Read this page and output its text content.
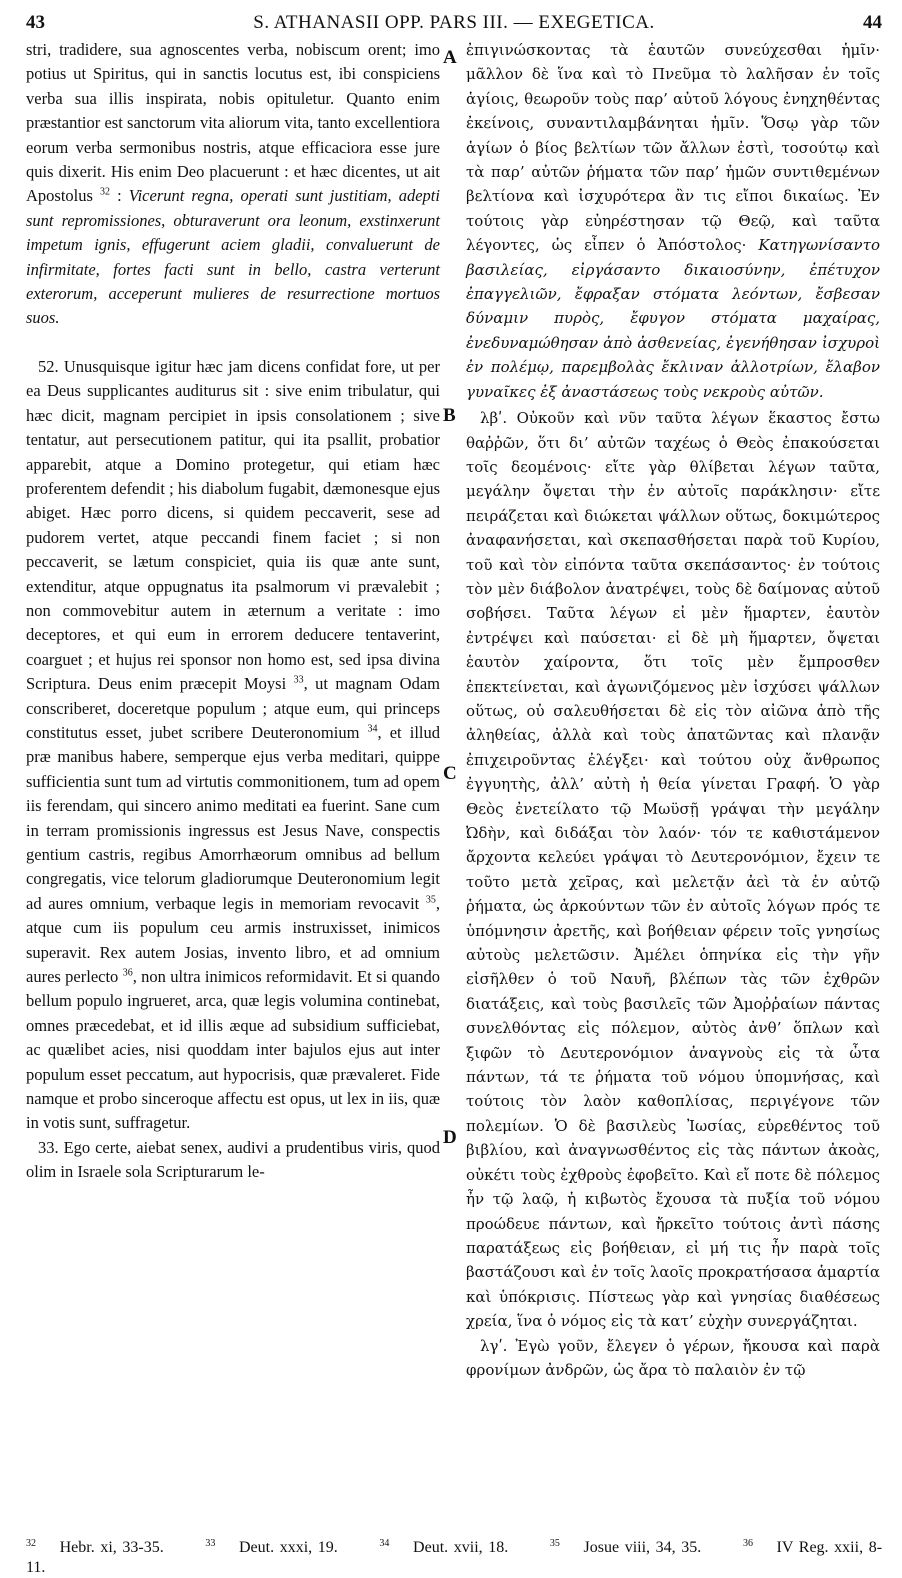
43	S. ATHANASII OPP. PARS III. — EXEGETICA.	44

stri, tradidere, sua agnoscentes verba, nobiscum orent; imo potius ut Spiritus, qui in sanctis locutus est, ibi conspiciens verba sua illis inspirata, nobis opituletur. Quanto enim præstantior est sanctorum vita aliorum vita, tanto excellentiora eorum verba sermonibus nostris, atque efficaciora esse jure quis dixerit. His enim Deo placuerunt : et hæc dicentes, ut ait Apostolus $^{32}$ : Vicerunt regna, operati sunt justitiam, adepti sunt repromissiones, obturaverunt ora leonum, exstinxerunt impetum ignis, effugerunt aciem gladii, convaluerunt de infirmitate, fortes facti sunt in bello, castra verterunt exterorum, acceperunt mulieres de resurrectione mortuos suos.

52. Unusquisque igitur hæc jam dicens confidat fore, ut per ea Deus supplicantes auditurus sit : sive enim tribulatur, qui hæc dicit, magnam percipiet in ipsis consolationem ; sive tentatur, aut persecutionem patitur, qui ita psallit, probatior apparebit, atque a Domino protegetur, qui etiam hæc proferentem defendit ; his diabolum fugabit, dæmonesque ejus abiget. Hæc porro dicens, si quidem peccaverit, sese ad pudorem vertet, atque peccandi finem faciet ; si non peccaverit, se lætum conspiciet, quia iis quæ ante sunt, extenditur, atque oppugnatus ita psalmorum vi prævalebit ; non commovebitur autem in æternum a veritate : imo deceptores, et qui eum in errorem deducere tentaverint, coarguet ; et hujus rei sponsor non homo est, sed ipsa divina Scriptura. Deus enim præcepit Moysi $^{33}$, ut magnam Odam conscriberet, doceretque populum ; atque eum, qui princeps constitutus esset, jubet scribere Deuteronomium $^{34}$, et illud præ manibus habere, semperque ejus verba meditari, quippe sufficientia sunt tum ad virtutis commonitionem, tum ad opem iis ferendam, qui sincero animo meditati ea fuerint. Sane cum in terram promissionis ingressus est Jesus Nave, conspectis gentium castris, regibus Amorrhæorum omnibus ad bellum congregatis, vice telorum gladiorumque Deuteronomium legit ad aures omnium, verbaque legis in memoriam revocavit $^{35}$, atque cum iis populum ceu armis instruxisset, inimicos superavit. Rex autem Josias, invento libro, et ad omnium aures perlecto $^{36}$, non ultra inimicos reformidavit. Et si quando bellum populo ingrueret, arca, quæ legis volumina continebat, omnes præcedebat, et id illis æque ad subsidium sufficiebat, ac quælibet acies, nisi quoddam inter bajulos ejus aut inter populum esset peccatum, aut hypocrisis, quæ prævaleret. Fide namque et probo sinceroque affectu est opus, ut lex in iis, quæ in votis sunt, suffragetur.

33. Ego certe, aiebat senex, audivi a prudentibus viris, quod olim in Israele sola Scripturarum le-

A
B
C
D

ἐπιγινώσκοντας τὰ ἑαυτῶν συνεύχεσθαι ἡμῖν· μᾶλλον δὲ ἵνα καὶ τὸ Πνεῦμα τὸ λαλῆσαν ἐν τοῖς ἁγίοις, θεωροῦν τοὺς παρ’ αὐτοῦ λόγους ἐνηχηθέντας ἐκείνοις, συναντιλαμβάνηται ἡμῖν. Ὅσῳ γὰρ τῶν ἁγίων ὁ βίος βελτίων τῶν ἄλλων ἐστὶ, τοσούτῳ καὶ τὰ παρ’ αὐτῶν ῥήματα τῶν παρ’ ἡμῶν συντιθεμένων βελτίονα καὶ ἰσχυρότερα ἂν τις εἴποι δικαίως. Ἐν τούτοις γὰρ εὐηρέστησαν τῷ Θεῷ, καὶ ταῦτα λέγοντες, ὡς εἶπεν ὁ Ἀπόστολος· Κατηγωνίσαντο βασιλείας, εἰργάσαντο δικαιοσύνην, ἐπέτυχον ἐπαγγελιῶν, ἔφραξαν στόματα λεόντων, ἔσβεσαν δύναμιν πυρὸς, ἔφυγον στόματα μαχαίρας, ἐνεδυναμώθησαν ἀπὸ ἀσθενείας, ἐγενήθησαν ἰσχυροὶ ἐν πολέμῳ, παρεμβολὰς ἔκλιναν ἀλλοτρίων, ἔλαβον γυναῖκες ἐξ ἀναστάσεως τοὺς νεκροὺς αὐτῶν.

λβʹ. Οὐκοῦν καὶ νῦν ταῦτα λέγων ἕκαστος ἔστω θαῤῥῶν, ὅτι δι’ αὐτῶν ταχέως ὁ Θεὸς ἐπακούσεται τοῖς δεομένοις· εἴτε γὰρ θλίβεται λέγων ταῦτα, μεγάλην ὄψεται τὴν ἐν αὐτοῖς παράκλησιν· εἴτε πειράζεται καὶ διώκεται ψάλλων οὕτως, δοκιμώτερος ἀναφανήσεται, καὶ σκεπασθήσεται παρὰ τοῦ Κυρίου, τοῦ καὶ τὸν εἰπόντα ταῦτα σκεπάσαντος· ἐν τούτοις τὸν μὲν διάβολον ἀνατρέψει, τοὺς δὲ δαίμονας αὐτοῦ σοβήσει. Ταῦτα λέγων εἰ μὲν ἥμαρτεν, ἑαυτὸν ἐντρέψει καὶ παύσεται· εἰ δὲ μὴ ἥμαρτεν, ὄψεται ἑαυτὸν χαίροντα, ὅτι τοῖς μὲν ἔμπροσθεν ἐπεκτείνεται, καὶ ἀγωνιζόμενος μὲν ἰσχύσει ψάλλων οὕτως, οὐ σαλευθήσεται δὲ εἰς τὸν αἰῶνα ἀπὸ τῆς ἀληθείας, ἀλλὰ καὶ τοὺς ἀπατῶντας καὶ πλανᾷν ἐπιχειροῦντας ἐλέγξει· καὶ τούτου οὐχ ἄνθρωπος ἐγγυητὴς, ἀλλ’ αὐτὴ ἡ θεία γίνεται Γραφή. Ὁ γὰρ Θεὸς ἐνετείλατο τῷ Μωϋσῇ γράψαι τὴν μεγάλην Ὠδὴν, καὶ διδάξαι τὸν λαόν· τόν τε καθιστάμενον ἄρχοντα κελεύει γράψαι τὸ Δευτερονόμιον, ἔχειν τε τοῦτο μετὰ χεῖρας, καὶ μελετᾷν ἀεὶ τὰ ἐν αὐτῷ ῥήματα, ὡς ἀρκούντων τῶν ἐν αὐτοῖς λόγων πρός τε ὑπόμνησιν ἀρετῆς, καὶ βοήθειαν φέρειν τοῖς γνησίως αὐτοὺς μελετῶσιν. Ἀμέλει ὁπηνίκα εἰς τὴν γῆν εἰσῆλθεν ὁ τοῦ Ναυῆ, βλέπων τὰς τῶν ἐχθρῶν διατάξεις, καὶ τοὺς βασιλεῖς τῶν Ἀμοῤῥαίων πάντας συνελθόντας εἰς πόλεμον, αὐτὸς ἀνθ’ ὅπλων καὶ ξιφῶν τὸ Δευτερονόμιον ἀναγνοὺς εἰς τὰ ὦτα πάντων, τά τε ῥήματα τοῦ νόμου ὑπομνήσας, καὶ τούτοις τὸν λαὸν καθοπλίσας, περιγέγονε τῶν πολεμίων. Ὁ δὲ βασιλεὺς Ἰωσίας, εὑρεθέντος τοῦ βιβλίου, καὶ ἀναγνωσθέντος εἰς τὰς πάντων ἀκοὰς, οὐκέτι τοὺς ἐχθροὺς ἐφοβεῖτο. Καὶ εἴ ποτε δὲ πόλεμος ἦν τῷ λαῷ, ἡ κιβωτὸς ἔχουσα τὰ πυξία τοῦ νόμου προώδευε πάντων, καὶ ἤρκεῖτο τούτοις ἀντὶ πάσης παρατάξεως εἰς βοήθειαν, εἰ μή τις ἦν παρὰ τοῖς βαστάζουσι καὶ ἐν τοῖς λαοῖς προκρατήσασα ἁμαρτία καὶ ὑπόκρισις. Πίστεως γὰρ καὶ γνησίας διαθέσεως χρεία, ἵνα ὁ νόμος εἰς τὰ κατ’ εὐχὴν συνεργάζηται.

λγʹ. Ἐγὼ γοῦν, ἔλεγεν ὁ γέρων, ἤκουσα καὶ παρὰ φρονίμων ἀνδρῶν, ὡς ἄρα τὸ παλαιὸν ἐν τῷ

$^{32}$ Hebr. xi, 33-35.	$^{33}$ Deut. xxxi, 19.	$^{34}$ Deut. xvii, 18.	$^{35}$ Josue viii, 34, 35.	$^{36}$ IV Reg. xxii, 8-11.
